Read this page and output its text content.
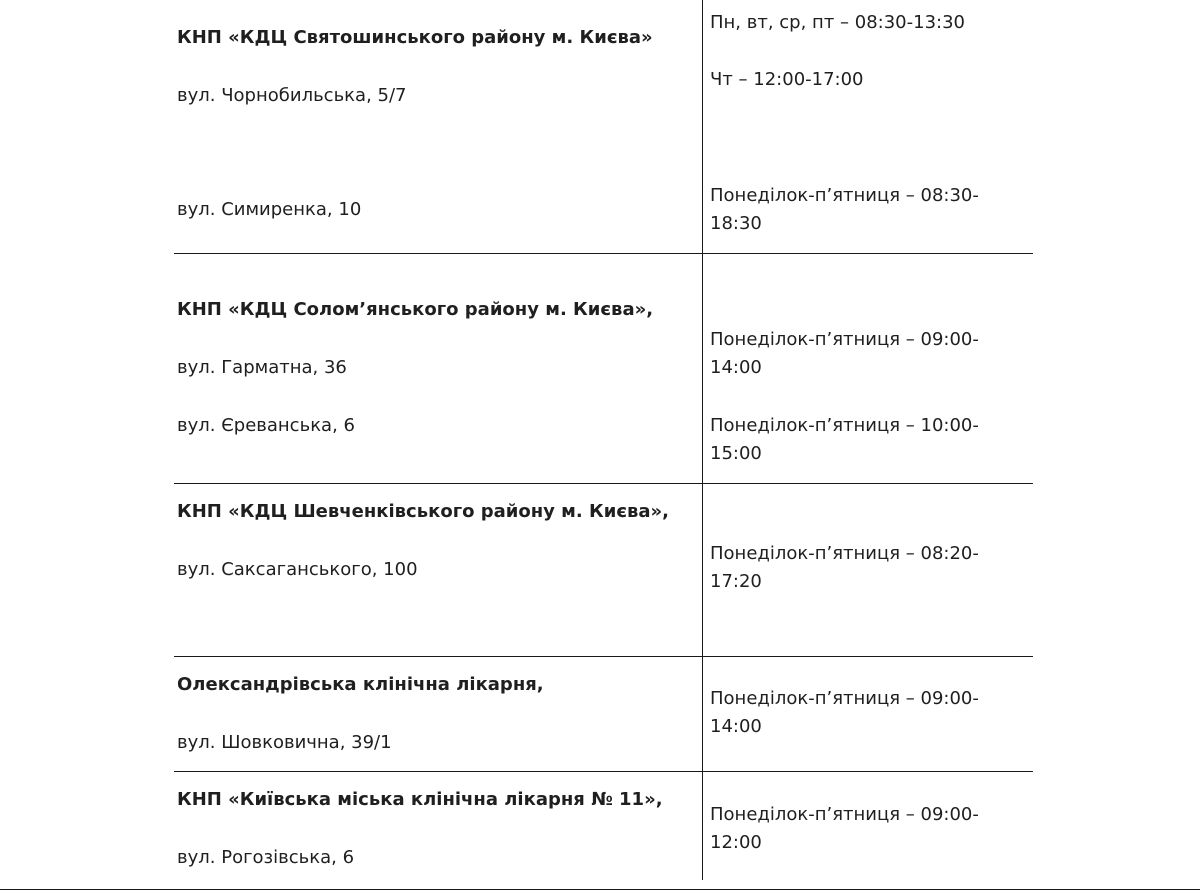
КНП «КДЦ Святошинського району м. Києва»
вул. Чорнобильська, 5/7
вул. Симиренка, 10
Пн, вт, ср, пт – 08:30-13:30
Чт – 12:00-17:00
Понеділок-п’ятниця – 08:30-18:30
КНП «КДЦ Солом’янського району м. Києва»,
вул. Гарматна, 36
вул. Єреванська, 6
Понеділок-п’ятниця – 09:00-14:00
Понеділок-п’ятниця – 10:00-15:00
КНП «КДЦ Шевченківського району м. Києва»,
вул. Саксаганського, 100
Понеділок-п’ятниця – 08:20-17:20
Олександрівська клінічна лікарня,
вул. Шовковична, 39/1
Понеділок-п’ятниця – 09:00-14:00
КНП «Київська міська клінічна лікарня № 11»,
вул. Рогозівська, 6
Понеділок-п’ятниця – 09:00-12:00
